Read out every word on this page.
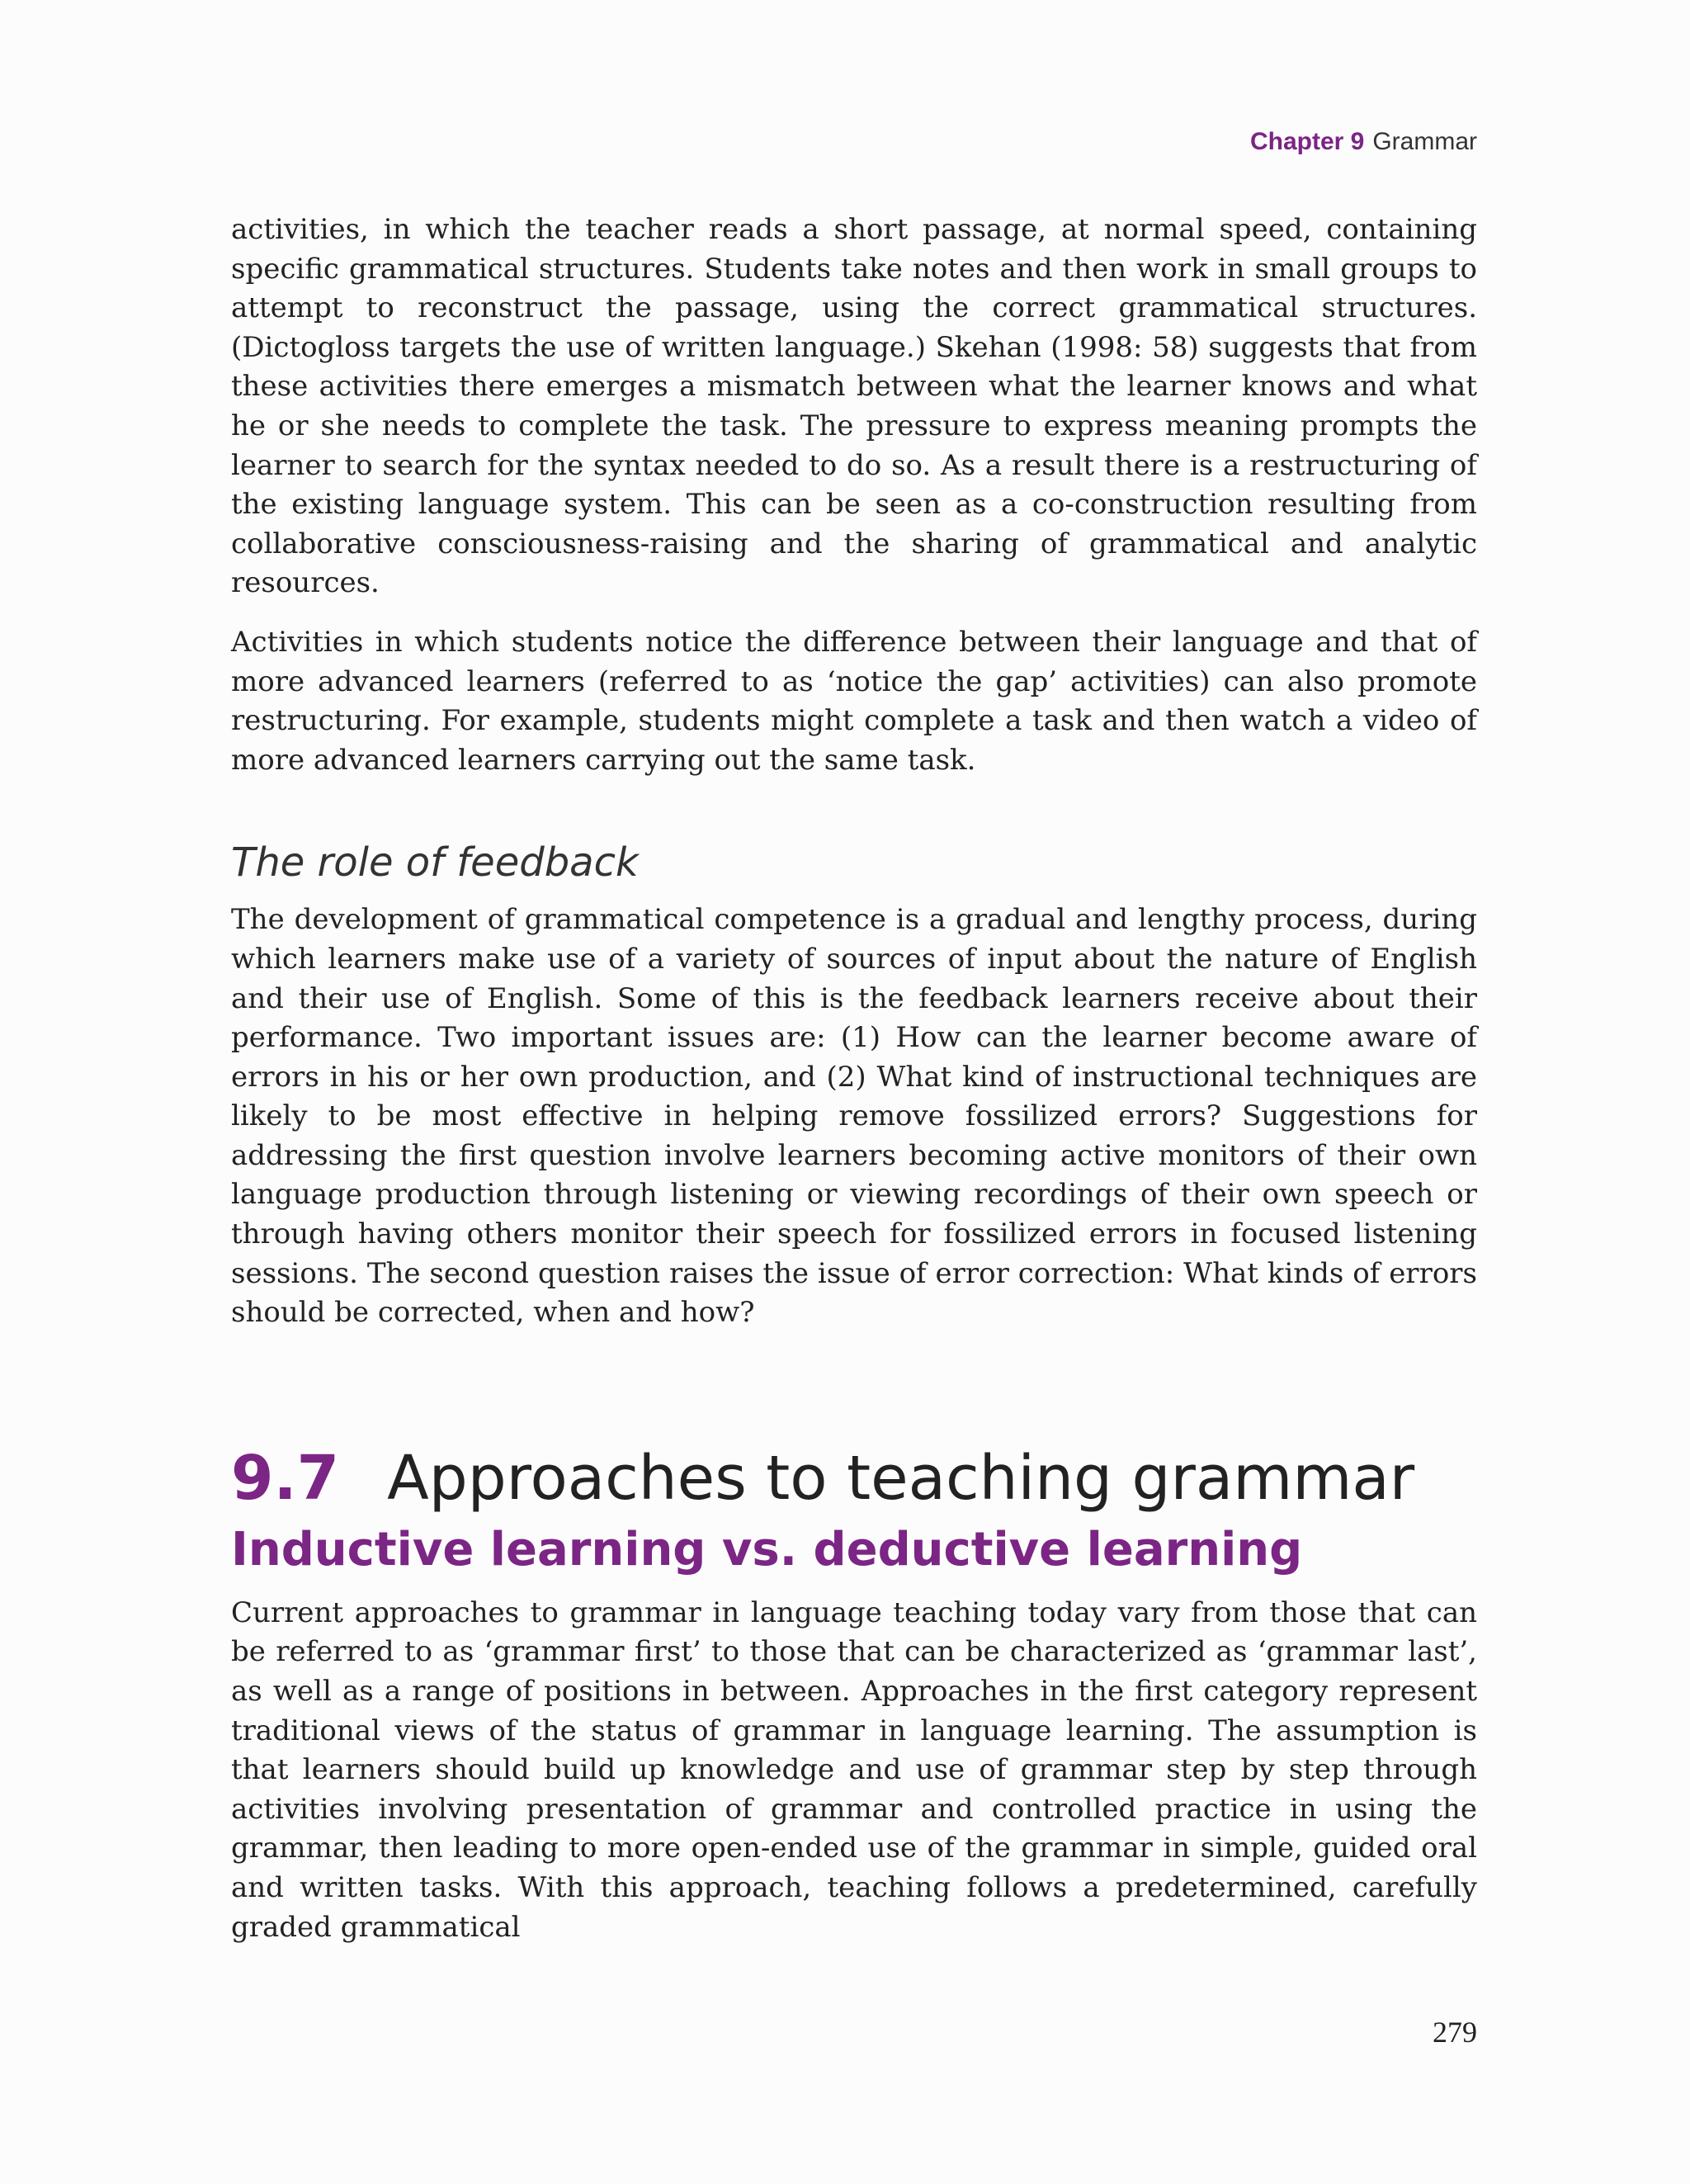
Chapter 9 Grammar

activities, in which the teacher reads a short passage, at normal speed, containing specific grammatical structures. Students take notes and then work in small groups to attempt to reconstruct the passage, using the correct grammatical structures. (Dictogloss targets the use of written language.) Skehan (1998: 58) suggests that from these activities there emerges a mismatch between what the learner knows and what he or she needs to complete the task. The pressure to express meaning prompts the learner to search for the syntax needed to do so. As a result there is a restructuring of the existing language system. This can be seen as a co-construction resulting from collaborative consciousness-raising and the sharing of grammatical and analytic resources.

Activities in which students notice the difference between their language and that of more advanced learners (referred to as ‘notice the gap’ activities) can also promote restructuring. For example, students might complete a task and then watch a video of more advanced learners carrying out the same task.

The role of feedback

The development of grammatical competence is a gradual and lengthy process, during which learners make use of a variety of sources of input about the nature of English and their use of English. Some of this is the feedback learners receive about their performance. Two important issues are: (1) How can the learner become aware of errors in his or her own production, and (2) What kind of instructional techniques are likely to be most effective in helping remove fossilized errors? Suggestions for addressing the first question involve learners becoming active monitors of their own language production through listening or viewing recordings of their own speech or through having others monitor their speech for fossilized errors in focused listening sessions. The second question raises the issue of error correction: What kinds of errors should be corrected, when and how?

9.7 Approaches to teaching grammar
Inductive learning vs. deductive learning

Current approaches to grammar in language teaching today vary from those that can be referred to as ‘grammar first’ to those that can be characterized as ‘grammar last’, as well as a range of positions in between. Approaches in the first category represent traditional views of the status of grammar in language learning. The assumption is that learners should build up knowledge and use of grammar step by step through activities involving presentation of grammar and controlled practice in using the grammar, then leading to more open-ended use of the grammar in simple, guided oral and written tasks. With this approach, teaching follows a predetermined, carefully graded grammatical

279
